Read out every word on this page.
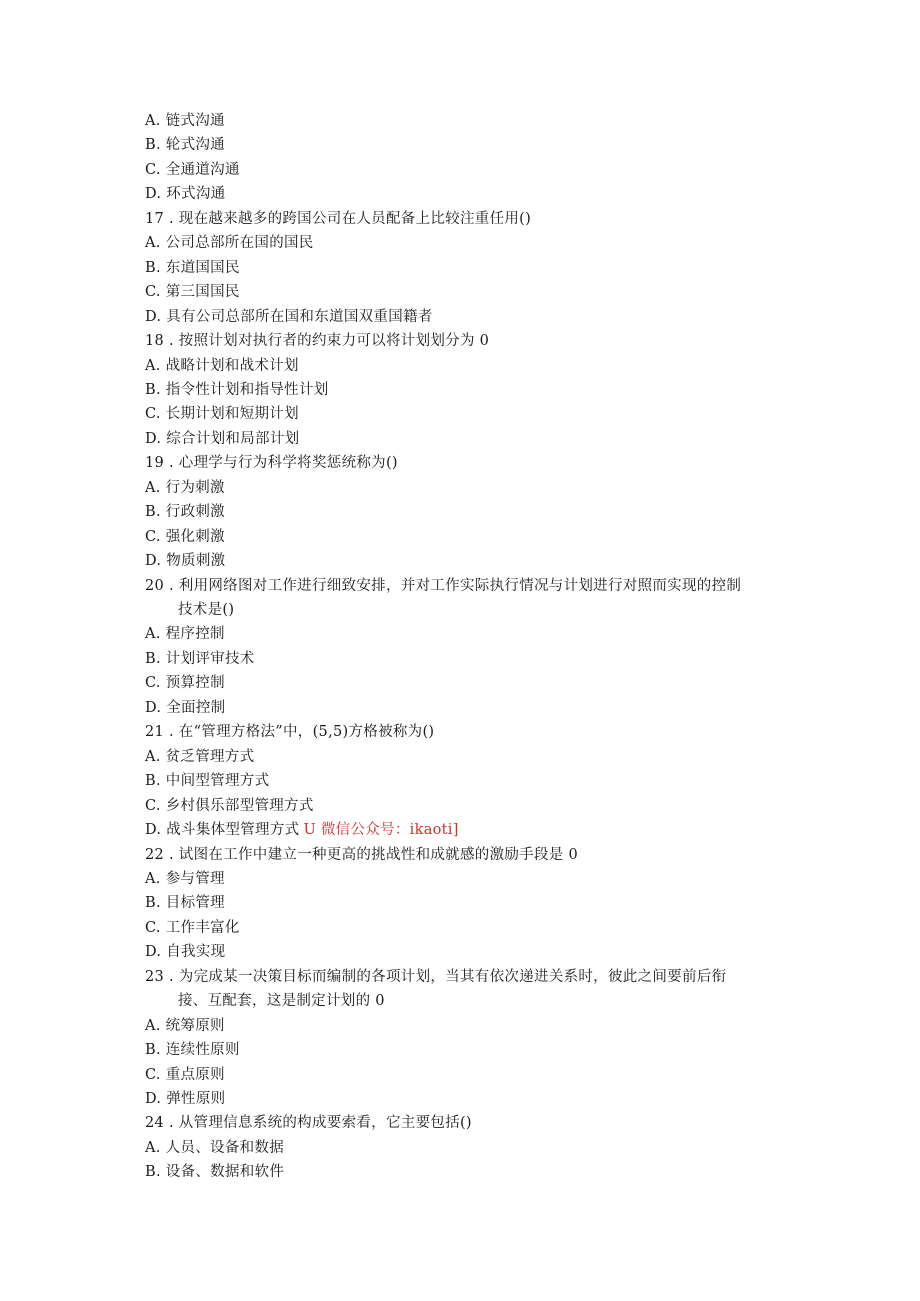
A. 链式沟通
B. 轮式沟通
C. 全通道沟通
D. 环式沟通
17 . 现在越来越多的跨国公司在人员配备上比较注重任用()
A. 公司总部所在国的国民
B. 东道国国民
C. 第三国国民
D. 具有公司总部所在国和东道国双重国籍者
18 . 按照计划对执行者的约束力可以将计划划分为 0
A. 战略计划和战术计划
B. 指令性计划和指导性计划
C. 长期计划和短期计划
D. 综合计划和局部计划
19 . 心理学与行为科学将奖惩统称为()
A. 行为刺激
B. 行政刺激
C. 强化刺激
D. 物质刺激
20 . 利用网络图对工作进行细致安排，并对工作实际执行情况与计划进行对照而实现的控制
技术是()
A. 程序控制
B. 计划评审技术
C. 预算控制
D. 全面控制
21 . 在“管理方格法”中，(5,5)方格被称为()
A. 贫乏管理方式
B. 中间型管理方式
C. 乡村俱乐部型管理方式
D. 战斗集体型管理方式 U 微信公众号：ikaoti]
22 . 试图在工作中建立一种更高的挑战性和成就感的激励手段是 0
A. 参与管理
B. 目标管理
C. 工作丰富化
D. 自我实现
23 . 为完成某一决策目标而编制的各项计划，当其有依次递进关系时，彼此之间要前后衔
接、互配套，这是制定计划的 0
A. 统筹原则
B. 连续性原则
C. 重点原则
D. 弹性原则
24 . 从管理信息系统的构成要索看，它主要包括()
A. 人员、设备和数据
B. 设备、数据和软件
